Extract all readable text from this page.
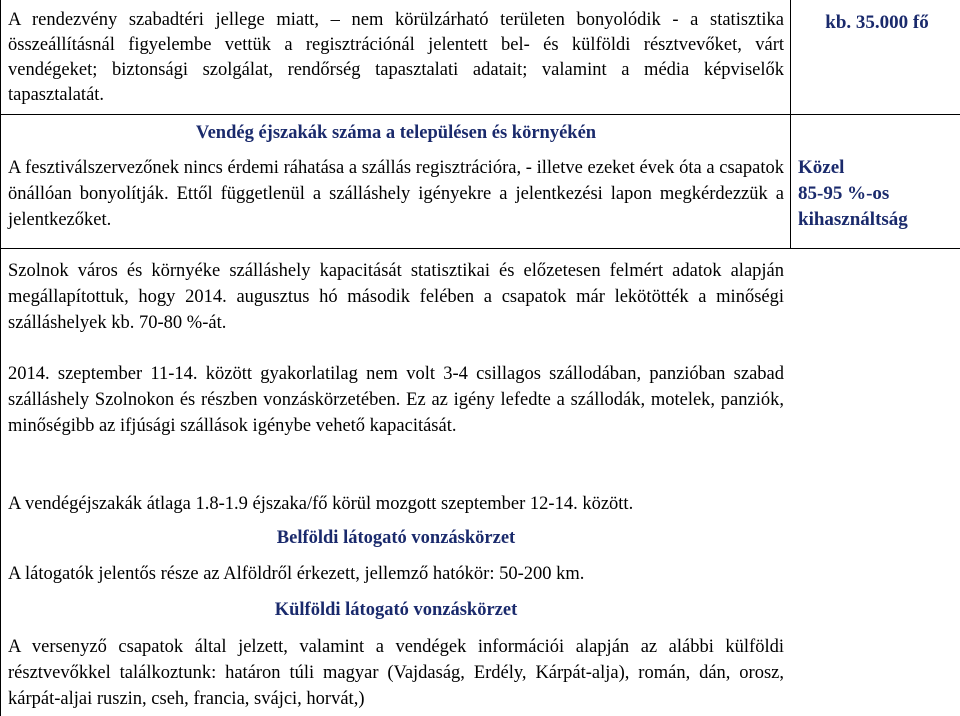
A rendezvény szabadtéri jellege miatt, – nem körülzárható területen bonyolódik - a statisztika összeállításnál figyelembe vettük a regisztrációnál jelentett bel- és külföldi résztvevőket, várt vendégeket; biztonsági szolgálat, rendőrség tapasztalati adatait; valamint a média képviselők tapasztalatát.
kb. 35.000 fő
Vendég éjszakák száma a településen és környékén
A fesztiválszervezőnek nincs érdemi ráhatása a szállás regisztrációra, - illetve ezeket évek óta a csapatok önállóan bonyolítják. Ettől függetlenül a szálláshely igényekre a jelentkezési lapon megkérdezzük a jelentkezőket.
Közel
85-95 %-os
kihasználtság
Szolnok város és környéke szálláshely kapacitását statisztikai és előzetesen felmért adatok alapján megállapítottuk, hogy 2014. augusztus hó második felében a csapatok már lekötötték a minőségi szálláshelyek kb. 70-80 %-át.
2014. szeptember 11-14. között gyakorlatilag nem volt 3-4 csillagos szállodában, panzióban szabad szálláshely Szolnokon és részben vonzáskörzetében. Ez az igény lefedte a szállodák, motelek, panziók, minőségibb az ifjúsági szállások igénybe vehető kapacitását.
A vendégéjszakák átlaga 1.8-1.9 éjszaka/fő körül mozgott szeptember 12-14. között.
Belföldi látogató vonzáskörzet
A látogatók jelentős része az Alföldről érkezett, jellemző hatókör: 50-200 km.
Külföldi látogató vonzáskörzet
A versenyző csapatok által jelzett, valamint a vendégek információi alapján az alábbi külföldi résztvevőkkel találkoztunk: határon túli magyar (Vajdaság, Erdély, Kárpát-alja), román, dán, orosz, kárpát-aljai ruszin, cseh, francia, svájci, horvát,)
